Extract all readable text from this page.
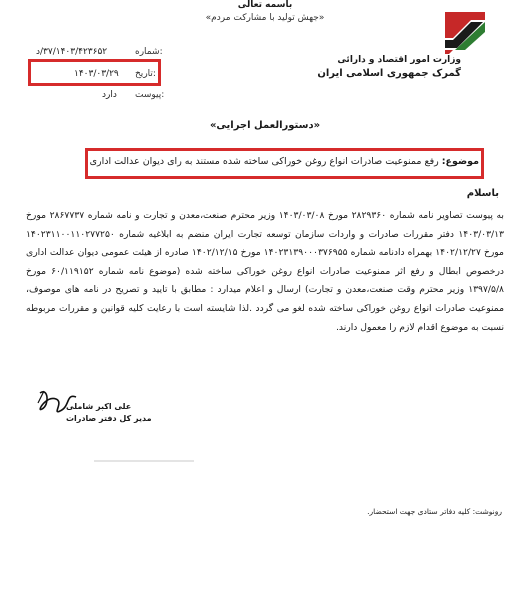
باسمه تعالی
«جهش تولید با مشارکت مردم»
وزارت امور اقتصاد و دارائی
گمرک جمهوری اسلامی ایران
شماره:
۳۷/۱۴۰۳/۴۲۳۶۵۲/د
تاریخ:
۱۴۰۳/۰۳/۲۹
پیوست:
دارد
«دستورالعمل اجرایی»
موضوع: رفع ممنوعیت صادرات انواع روغن خوراکی ساخته شده مستند به رای دیوان عدالت اداری
باسلام
به پیوست تصاویر نامه شماره ۲۸۲۹۳۶۰ مورخ ۱۴۰۳/۰۳/۰۸ وزیر محترم صنعت،معدن و تجارت و نامه شماره ۲۸۶۷۷۳۷ مورخ ۱۴۰۳/۰۳/۱۳ دفتر مقررات صادرات و واردات سازمان توسعه تجارت ایران منضم به ابلاغیه شماره ۱۴۰۲۳۱۱۰۰۱۱۰۲۷۷۲۵۰ مورخ ۱۴۰۲/۱۲/۲۷ بهمراه دادنامه شماره ۱۴۰۲۳۱۳۹۰۰۰۳۷۶۹۵۵ مورخ ۱۴۰۲/۱۲/۱۵ صادره از هیئت عمومی دیوان عدالت اداری درخصوص ابطال و رفع اثر ممنوعیت صادرات انواع روغن خوراکی ساخته شده (موضوع نامه شماره ۶۰/۱۱۹۱۵۲ مورخ ۱۳۹۷/۵/۸ وزیر محترم وقت صنعت،معدن و تجارت) ارسال و اعلام میدارد : مطابق با تایید و تصریح در نامه های موصوف، ممنوعیت صادرات انواع روغن خوراکی ساخته شده لغو می گردد .لذا شایسته است با رعایت کلیه قوانین و مقررات مربوطه نسبت به موضوع اقدام لازم را معمول دارند.
علی اکبر شاملی
مدیر کل دفتر صادرات
رونوشت: کلیه دفاتر ستادی جهت استحضار.
